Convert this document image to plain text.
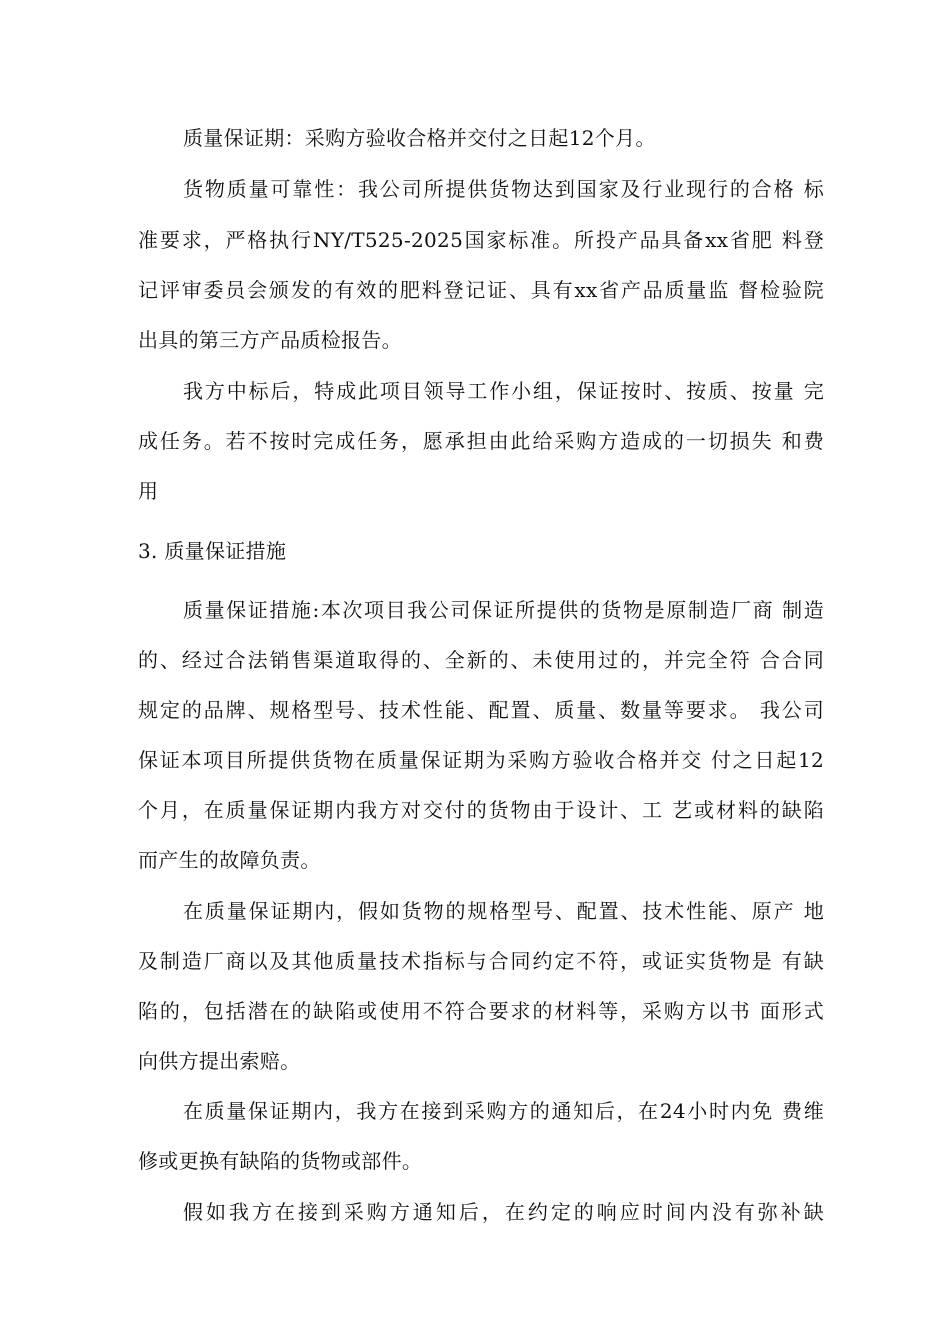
质量保证期：采购方验收合格并交付之日起12个月。
货物质量可靠性：我公司所提供货物达到国家及行业现行的合格 标
准要求，严格执行NY/T525-2025国家标准。所投产品具备xx省肥 料登
记评审委员会颁发的有效的肥料登记证、具有xx省产品质量监 督检验院
出具的第三方产品质检报告。
我方中标后，特成此项目领导工作小组，保证按时、按质、按量 完
成任务。若不按时完成任务，愿承担由此给采购方造成的一切损失 和费
用
3. 质量保证措施
质量保证措施:本次项目我公司保证所提供的货物是原制造厂商 制造
的、经过合法销售渠道取得的、全新的、未使用过的，并完全符 合合同
规定的品牌、规格型号、技术性能、配置、质量、数量等要求。 我公司
保证本项目所提供货物在质量保证期为采购方验收合格并交 付之日起12
个月，在质量保证期内我方对交付的货物由于设计、工 艺或材料的缺陷
而产生的故障负责。
在质量保证期内，假如货物的规格型号、配置、技术性能、原产 地
及制造厂商以及其他质量技术指标与合同约定不符，或证实货物是 有缺
陷的，包括潜在的缺陷或使用不符合要求的材料等，采购方以书 面形式
向供方提出索赔。
在质量保证期内，我方在接到采购方的通知后，在24小时内免 费维
修或更换有缺陷的货物或部件。
假如我方在接到采购方通知后，在约定的响应时间内没有弥补缺
